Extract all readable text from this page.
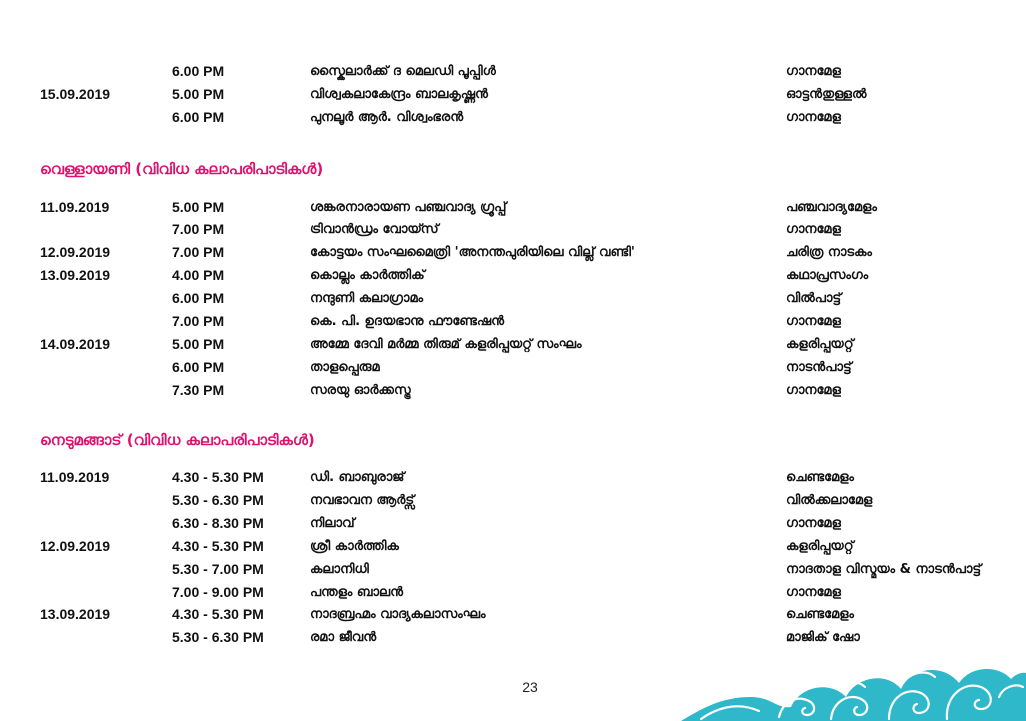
6.00 PM	സ്കൈലാർക്ക് ദ മെലഡി പൂപ്പിൾ	ഗാനമേള
15.09.2019	5.00 PM	വിശ്വകലാകേന്ദ്രം ബാലകൃഷ്ണൻ	ഓട്ടൻതുള്ളൽ
6.00 PM	പുനലൂർ ആർ. വിശ്വംഭരൻ	ഗാനമേള
വെള്ളായണി (വിവിധ കലാപരിപാടികൾ)
11.09.2019	5.00 PM	ശങ്കരനാരായണ പഞ്ചവാദ്യ ഗ്രൂപ്പ്	പഞ്ചവാദ്യമേളം
7.00 PM	ട്രിവാൻഡ്രം വോയ്സ്	ഗാനമേള
12.09.2019	7.00 PM	കോട്ടയം സംഘമൈത്രി 'അനന്തപുരിയിലെ വില്ല് വണ്ടി'	ചരിത്ര നാടകം
13.09.2019	4.00 PM	കൊല്ലം കാർത്തിക്	കഥാപ്രസംഗം
6.00 PM	നന്ദുണി കലാഗ്രാമം	വിൽപാട്ട്
7.00 PM	കെ. പി. ഉദയഭാനു ഫൗണ്ടേഷൻ	ഗാനമേള
14.09.2019	5.00 PM	അമ്മേ ദേവി മർമ്മ തിരുമ് കളരിപ്പയറ്റ് സംഘം	കളരിപ്പയറ്റ്
6.00 PM	താളപ്പെരുമ	നാടൻപാട്ട്
7.30 PM	സരയു ഓർക്കസ്ട്ര	ഗാനമേള
നെടുമങ്ങാട് (വിവിധ കലാപരിപാടികൾ)
11.09.2019	4.30 - 5.30 PM	ഡി. ബാബുരാജ്	ചെണ്ടമേളം
5.30 - 6.30 PM	നവഭാവന ആർട്സ്	വിൽക്കലാമേള
6.30 - 8.30 PM	നിലാവ്	ഗാനമേള
12.09.2019	4.30 - 5.30 PM	ശ്രീ കാർത്തിക	കളരിപ്പയറ്റ്
5.30 - 7.00 PM	കലാനിധി	നാദതാള വിസ്മയം & നാടൻപാട്ട്
7.00 - 9.00 PM	പന്തളം ബാലൻ	ഗാനമേള
13.09.2019	4.30 - 5.30 PM	നാദബ്രഹ്മം വാദ്യകലാസംഘം	ചെണ്ടമേളം
5.30 - 6.30 PM	രമാ ജീവൻ	മാജിക് ഷോ
23
